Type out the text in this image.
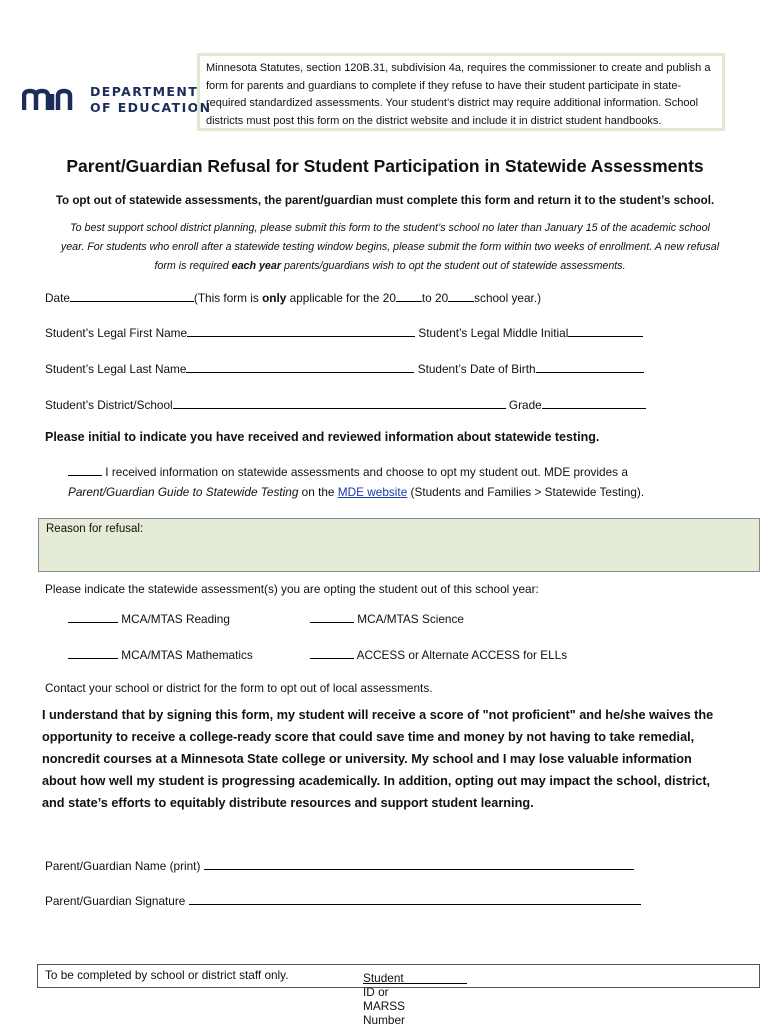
DEPARTMENT
OF EDUCATION
Minnesota Statutes, section 120B.31, subdivision 4a, requires the commissioner to create and publish a form for parents and guardians to complete if they refuse to have their student participate in state-required standardized assessments. Your student’s district may require additional information. School districts must post this form on the district website and include it in district student handbooks.
Parent/Guardian Refusal for Student Participation in Statewide Assessments
To opt out of statewide assessments, the parent/guardian must complete this form and return it to the student’s school.
To best support school district planning, please submit this form to the student’s school no later than January 15 of the academic school year. For students who enroll after a statewide testing window begins, please submit the form within two weeks of enrollment. A new refusal form is required each year parents/guardians wish to opt the student out of statewide assessments.
Date	(This form is only applicable for the 20 to 20 school year.)
Student’s Legal First Name	Student’s Legal Middle Initial
Student’s Legal Last Name	Student’s Date of Birth
Student’s District/School	Grade
Please initial to indicate you have received and reviewed information about statewide testing.
I received information on statewide assessments and choose to opt my student out. MDE provides a
Parent/Guardian Guide to Statewide Testing on the MDE website (Students and Families > Statewide Testing).
Reason for refusal:
Please indicate the statewide assessment(s) you are opting the student out of this school year:
MCA/MTAS Reading	MCA/MTAS Science
MCA/MTAS Mathematics	ACCESS or Alternate ACCESS for ELLs
Contact your school or district for the form to opt out of local assessments.
I understand that by signing this form, my student will receive a score of "not proficient" and he/she waives the opportunity to receive a college-ready score that could save time and money by not having to take remedial, noncredit courses at a Minnesota State college or university. My school and I may lose valuable information about how well my student is progressing academically. In addition, opting out may impact the school, district, and state’s efforts to equitably distribute resources and support student learning.
Parent/Guardian Name (print)
Parent/Guardian Signature
To be completed by school or district staff only.	Student ID or MARSS Number
